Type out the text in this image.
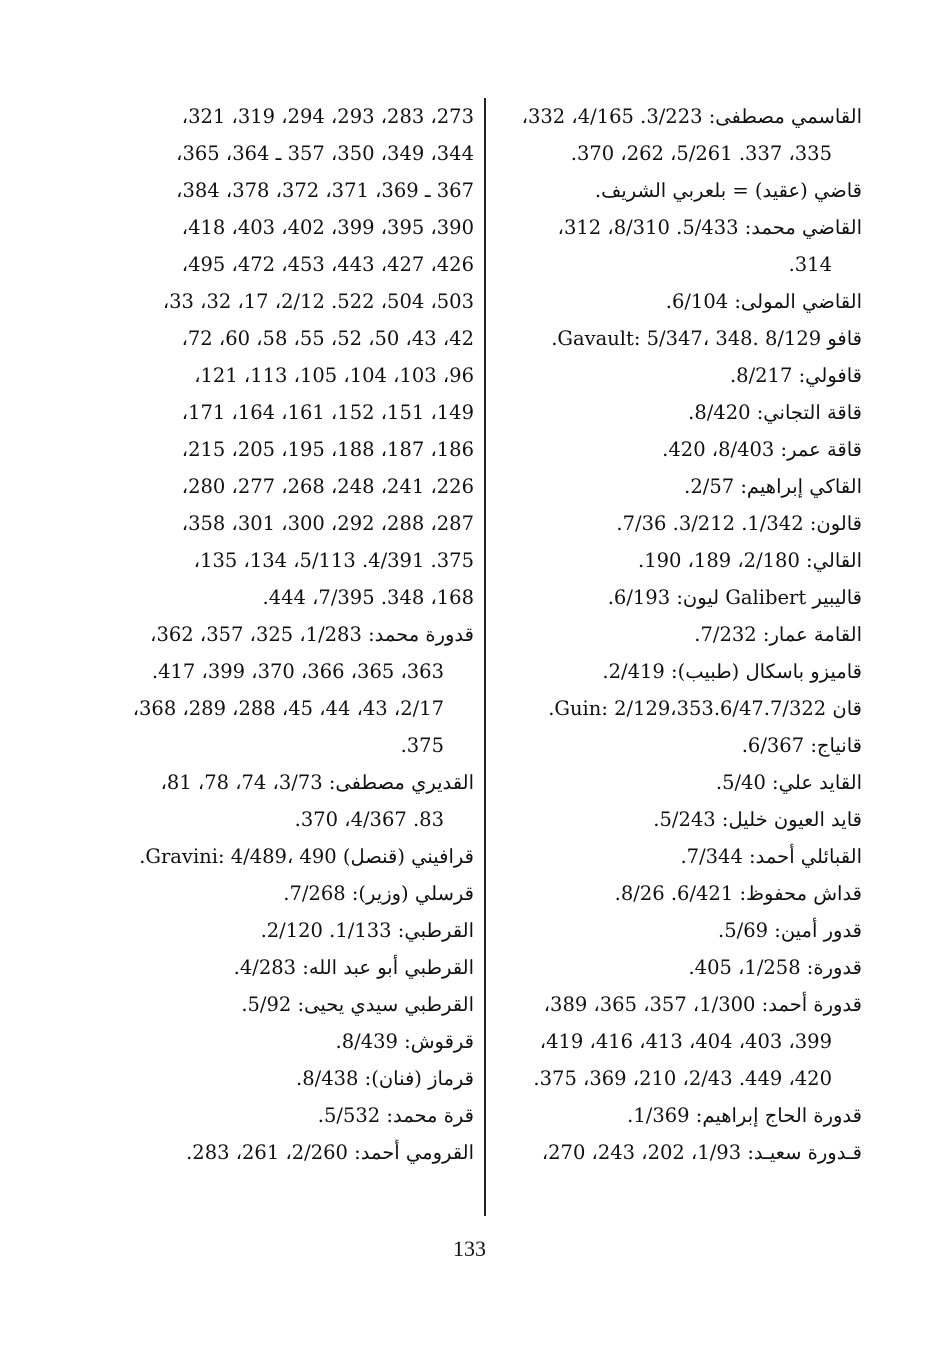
القاسمي مصطفى: 3/223. 4/165، 332،
335، 337. 5/261، 262، 370.
قاضي (عقيد) = بلعربي الشريف.
القاضي محمد: 5/433. 8/310، 312،
314.
القاضي المولى: 6/104.
قافو Gavault: 5/347، 348. 8/129.
قافولي: 8/217.
قاقة التجاني: 8/420.
قاقة عمر: 8/403، 420.
القاكي إبراهيم: 2/57.
قالون: 1/342. 3/212. 7/36.
القالي: 2/180، 189، 190.
قاليبير Galibert ليون: 6/193.
القامة عمار: 7/232.
قاميزو باسكال (طبيب): 2/419.
قان Guin: 2/129،353.6/47.7/322.
قانياج: 6/367.
القايد علي: 5/40.
قايد العيون خليل: 5/243.
القبائلي أحمد: 7/344.
قداش محفوظ: 6/421. 8/26.
قدور أمين: 5/69.
قدورة: 1/258، 405.
قدورة أحمد: 1/300، 357، 365، 389،
399، 403، 404، 413، 416، 419،
420، 449. 2/43، 210، 369، 375.
قدورة الحاج إبراهيم: 1/369.
قـدورة سعيـد: 1/93، 202، 243، 270،
273، 283، 293، 294، 319، 321،
344، 349، 350، 357 ـ 364، 365،
367 ـ 369، 371، 372، 378، 384،
390، 395، 399، 402، 403، 418،
426، 427، 443، 453، 472، 495،
503، 504، 522. 2/12، 17، 32، 33،
42، 43، 50، 52، 55، 58، 60، 72،
96، 103، 104، 105، 113، 121،
149، 151، 152، 161، 164، 171،
186، 187، 188، 195، 205، 215،
226، 241، 248، 268، 277، 280،
287، 288، 292، 300، 301، 358،
375. 4/391. 5/113، 134، 135،
168، 348. 7/395، 444.
قدورة محمد: 1/283، 325، 357، 362،
363، 365، 366، 370، 399، 417.
2/17، 43، 44، 45، 288، 289، 368،
375.
القديري مصطفى: 3/73، 74، 78، 81،
83. 4/367، 370.
قرافيني (قنصل) Gravini: 4/489، 490.
قرسلي (وزير): 7/268.
القرطبي: 1/133. 2/120.
القرطبي أبو عبد الله: 4/283.
القرطبي سيدي يحيى: 5/92.
قرقوش: 8/439.
قرماز (فنان): 8/438.
قرة محمد: 5/532.
القرومي أحمد: 2/260، 261، 283.
133
